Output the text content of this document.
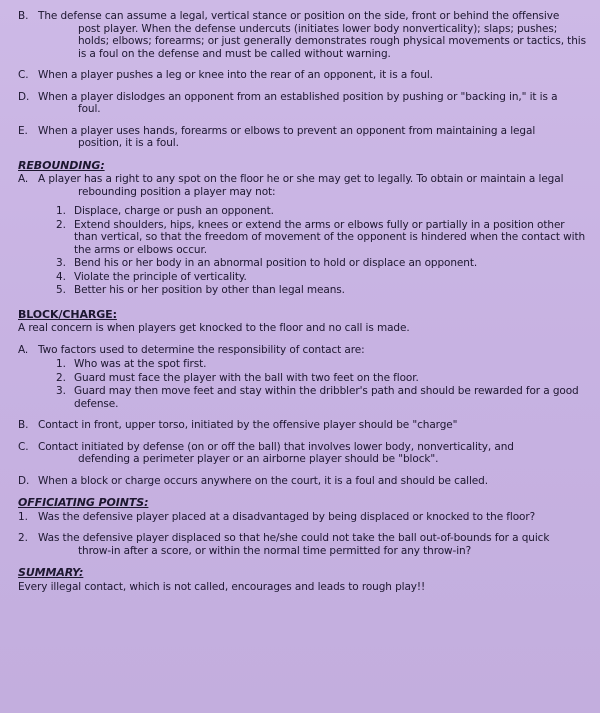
B. The defense can assume a legal, vertical stance or position on the side, front or behind the offensive
post player. When the defense undercuts (initiates lower body nonverticality); slaps; pushes; holds; elbows; forearms; or just generally demonstrates rough physical movements or tactics, this is a foul on the defense and must be called without warning.
C. When a player pushes a leg or knee into the rear of an opponent, it is a foul.
D. When a player dislodges an opponent from an established position by pushing or "backing in," it is a
foul.
E. When a player uses hands, forearms or elbows to prevent an opponent from maintaining a legal
position, it is a foul.
REBOUNDING:
A. A player has a right to any spot on the floor he or she may get to legally. To obtain or maintain a legal
rebounding position a player may not:
1. Displace, charge or push an opponent.
2. Extend shoulders, hips, knees or extend the arms or elbows fully or partially in a position other than vertical, so that the freedom of movement of the opponent is hindered when the contact with the arms or elbows occur.
3. Bend his or her body in an abnormal position to hold or displace an opponent.
4. Violate the principle of verticality.
5. Better his or her position by other than legal means.
BLOCK/CHARGE:
A real concern is when players get knocked to the floor and no call is made.
A. Two factors used to determine the responsibility of contact are:
1. Who was at the spot first.
2. Guard must face the player with the ball with two feet on the floor.
3. Guard may then move feet and stay within the dribbler's path and should be rewarded for a good defense.
B. Contact in front, upper torso, initiated by the offensive player should be "charge"
C. Contact initiated by defense (on or off the ball) that involves lower body, nonverticality, and
defending a perimeter player or an airborne player should be "block".
D. When a block or charge occurs anywhere on the court, it is a foul and should be called.
OFFICIATING POINTS:
1. Was the defensive player placed at a disadvantaged by being displaced or knocked to the floor?
2. Was the defensive player displaced so that he/she could not take the ball out-of-bounds for a quick
throw-in after a score, or within the normal time permitted for any throw-in?
SUMMARY:
Every illegal contact, which is not called, encourages and leads to rough play!!
